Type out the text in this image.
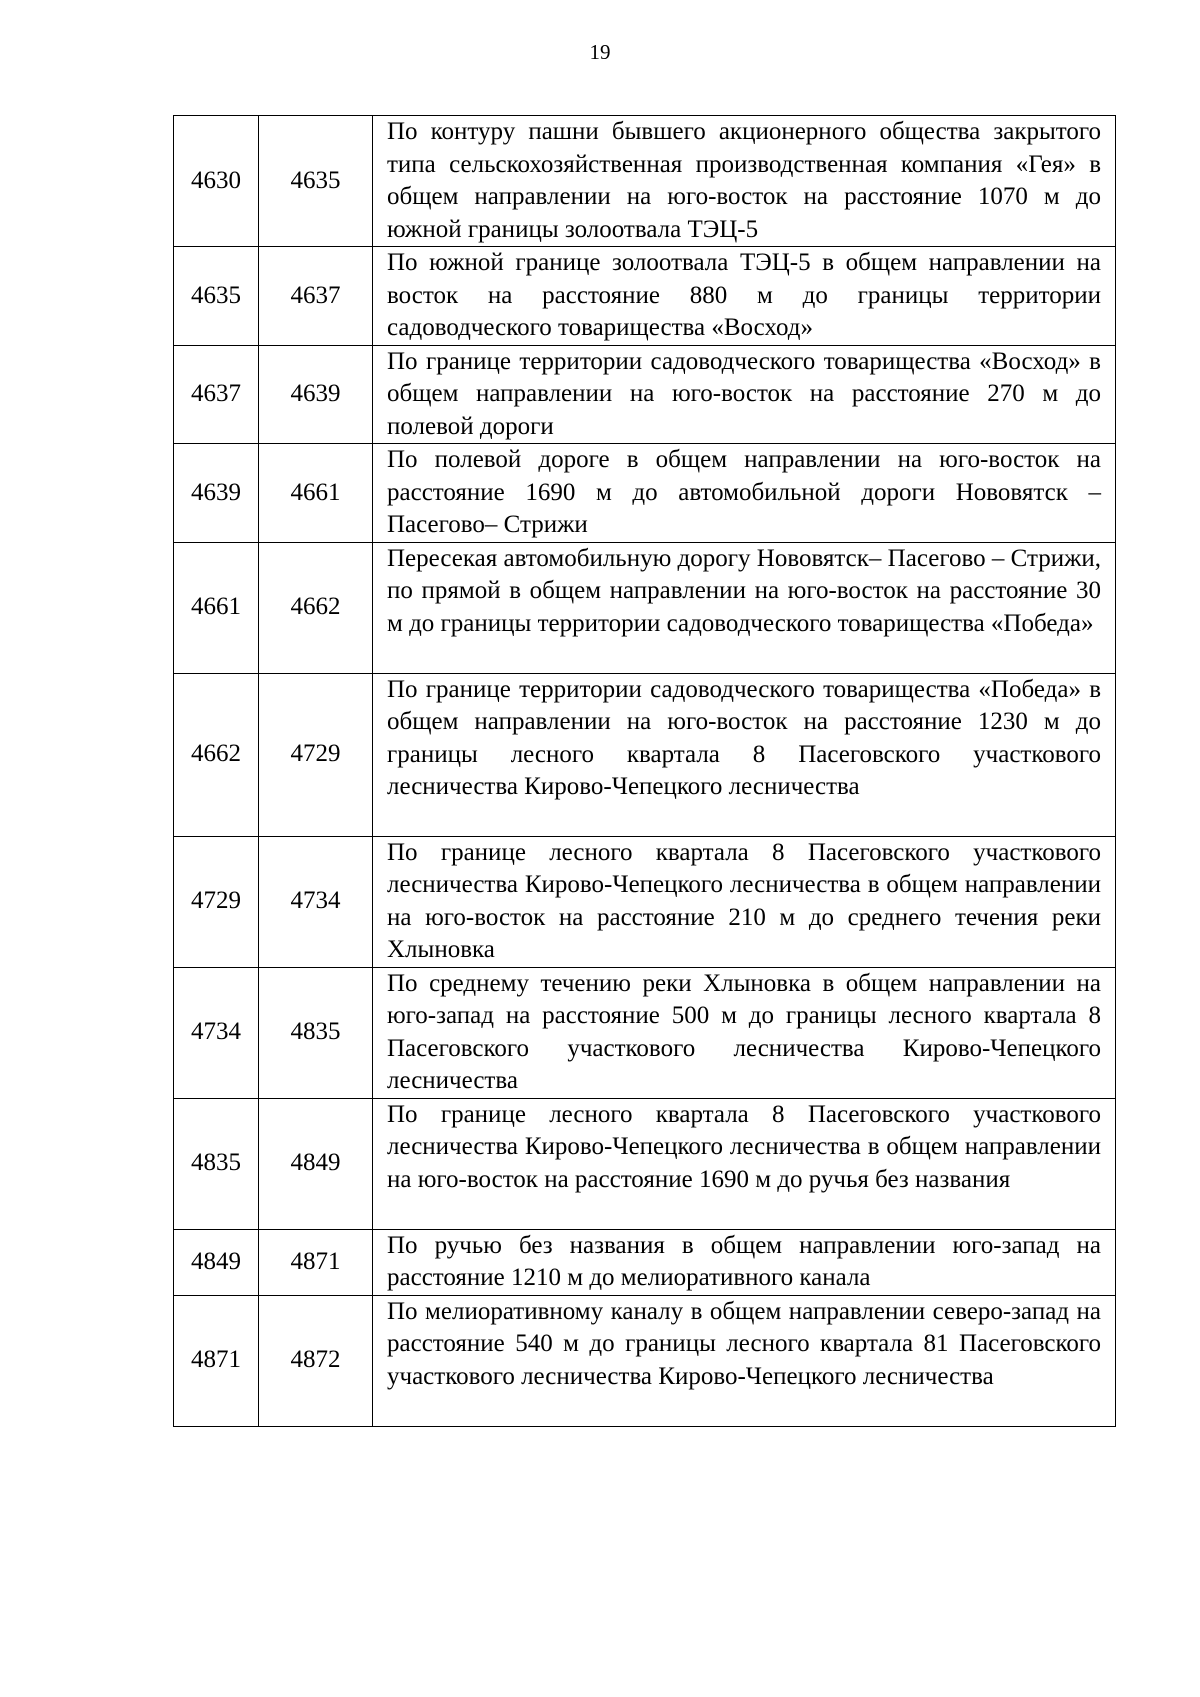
19
4630	4635	По контуру пашни бывшего акционерного общества закрытого типа сельскохозяйственная производственная компания «Гея» в общем направлении на юго-восток на расстояние 1070 м до южной границы золоотвала ТЭЦ-5
4635	4637	По южной границе золоотвала ТЭЦ-5 в общем направлении на восток на расстояние 880 м до границы территории садоводческого товарищества «Восход»
4637	4639	По границе территории садоводческого товарищества «Восход» в общем направлении на юго-восток на расстояние 270 м до полевой дороги
4639	4661	По полевой дороге в общем направлении на юго-восток на расстояние 1690 м до автомобильной дороги Нововятск – Пасегово– Стрижи
4661	4662	Пересекая автомобильную дорогу Нововятск– Пасегово – Стрижи, по прямой в общем направлении на юго-восток на расстояние 30 м до границы территории садоводческого товарищества «Победа»
4662	4729	По границе территории садоводческого товарищества «Победа» в общем направлении на юго-восток на расстояние 1230 м до границы лесного квартала 8 Пасеговского участкового лесничества Кирово-Чепецкого лесничества
4729	4734	По границе лесного квартала 8 Пасеговского участкового лесничества Кирово-Чепецкого лесничества в общем направлении на юго-восток на расстояние 210 м до среднего течения реки Хлыновка
4734	4835	По среднему течению реки Хлыновка в общем направлении на юго-запад на расстояние 500 м до границы лесного квартала 8 Пасеговского участкового лесничества Кирово-Чепецкого лесничества
4835	4849	По границе лесного квартала 8 Пасеговского участкового лесничества Кирово-Чепецкого лесничества в общем направлении на юго-восток на расстояние 1690 м до ручья без названия
4849	4871	По ручью без названия в общем направлении юго-запад на расстояние 1210 м до мелиоративного канала
4871	4872	По мелиоративному каналу в общем направлении северо-запад на расстояние 540 м до границы лесного квартала 81 Пасеговского участкового лесничества Кирово-Чепецкого лесничества
